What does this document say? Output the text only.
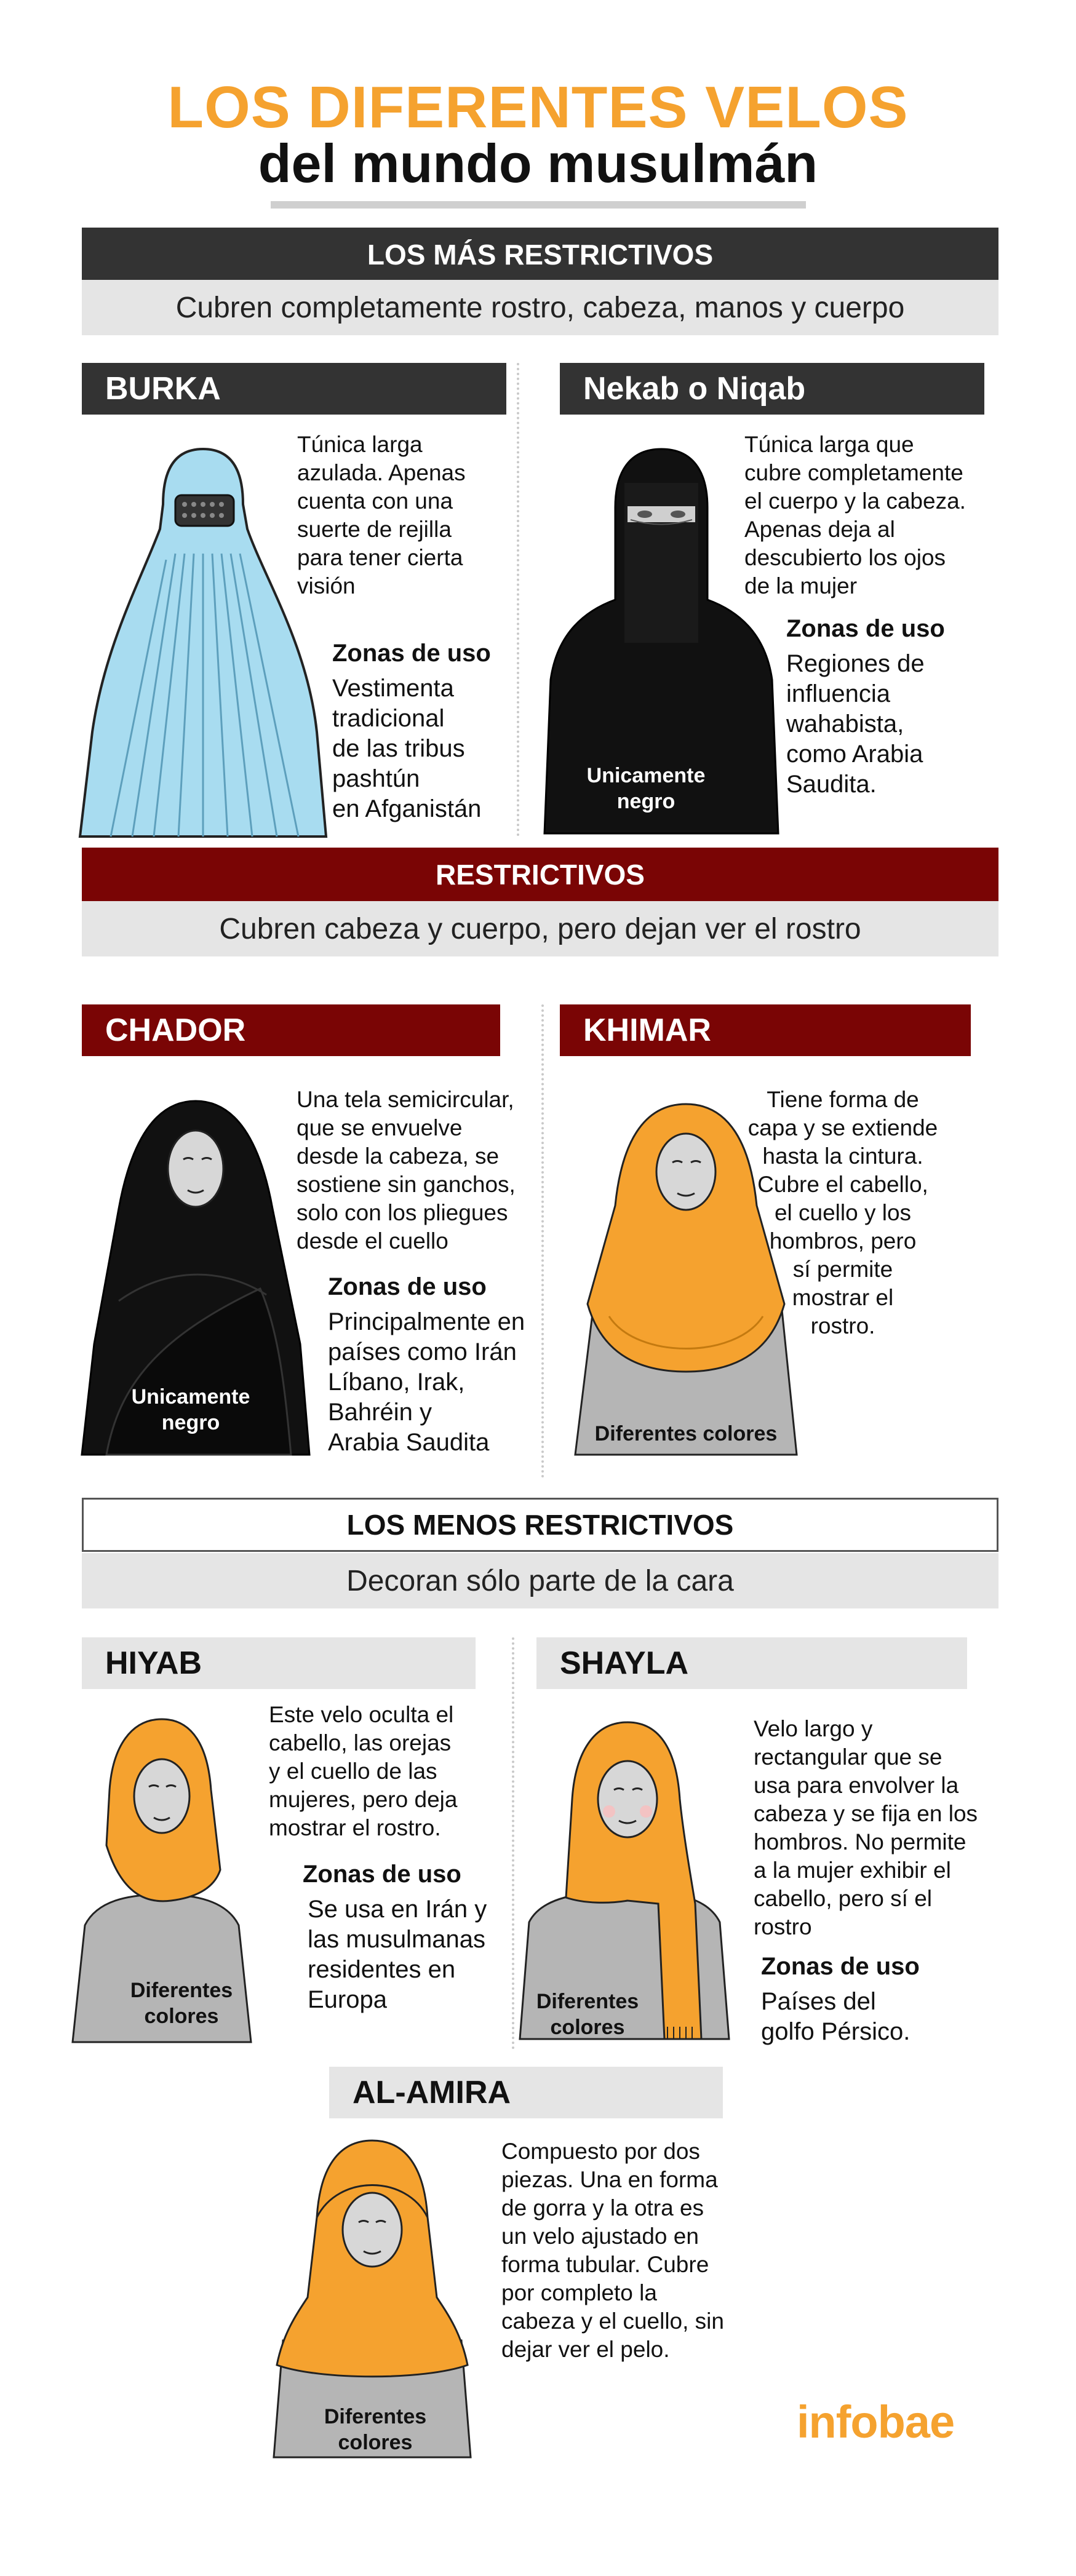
LOS DIFERENTES VELOS
del mundo musulmán
LOS MÁS RESTRICTIVOS
Cubren completamente rostro, cabeza, manos y cuerpo
BURKA
Túnica larga
azulada. Apenas
cuenta con una
suerte de rejilla
para tener cierta
visión
Zonas de uso
Vestimenta
tradicional
de las tribus
pashtún
en Afganistán
Nekab o Niqab
Unicamente
negro
Túnica larga que
cubre completamente
el cuerpo y la cabeza.
Apenas deja al
descubierto los ojos
de la mujer
Zonas de uso
Regiones de
influencia
wahabista,
como Arabia
Saudita.
RESTRICTIVOS
Cubren cabeza y cuerpo, pero dejan ver el rostro
CHADOR
Unicamente
negro
Una tela semicircular,
que se envuelve
desde la cabeza, se
sostiene sin ganchos,
solo con los pliegues
desde el cuello
Zonas de uso
Principalmente en
países como Irán
Líbano, Irak,
Bahréin y
Arabia Saudita
KHIMAR
Diferentes colores
Tiene forma de
capa y se extiende
hasta la cintura.
Cubre el cabello,
el cuello y los
hombros, pero
sí permite
mostrar el
rostro.
LOS MENOS RESTRICTIVOS
Decoran sólo parte de la cara
HIYAB
Diferentes
colores
Este velo oculta el
cabello, las orejas
y el cuello de las
mujeres, pero deja
mostrar el rostro.
Zonas de uso
Se usa en Irán y
las musulmanas
residentes en
Europa
SHAYLA
Diferentes
colores
Velo largo y
rectangular que se
usa para envolver la
cabeza y se fija en los
hombros. No permite
a la mujer exhibir el
cabello, pero sí el
rostro
Zonas de uso
Países del
golfo Pérsico.
AL-AMIRA
Diferentes
colores
Compuesto por dos
piezas. Una en forma
de gorra y la otra es
un velo ajustado en
forma tubular. Cubre
por completo la
cabeza y el cuello, sin
dejar ver el pelo.
infobae
